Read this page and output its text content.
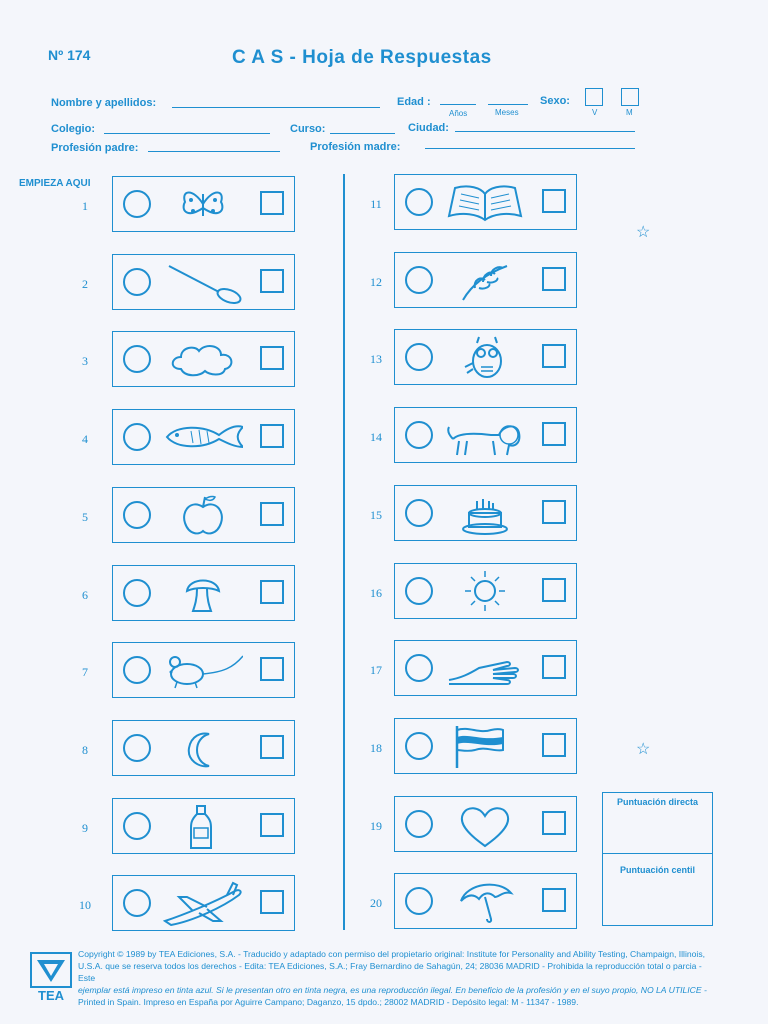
Nº 174	C A S - Hoja de Respuestas
Nombre y apellidos:	Edad :
Años	Meses
Sexo:
V	M
Colegio:	Curso:	Ciudad:
Profesión padre:	Profesión madre:
EMPIEZA AQUI
1
2
3
4
5
6
7
8
9
10
11
12
13
14
15
16
17
18
19
20
☆
☆
Puntuación directa
Puntuación centil
TEA
Copyright © 1989 by TEA Ediciones, S.A. - Traducido y adaptado con permiso del propietario original: Institute for Personality and Ability Testing, Champaign, Illinois,
U.S.A. que se reserva todos los derechos - Edita: TEA Ediciones, S.A.; Fray Bernardino de Sahagún, 24; 28036 MADRID - Prohibida la reproducción total o parcia - Este
ejemplar está impreso en tinta azul. Si le presentan otro en tinta negra, es una reproducción ilegal. En beneficio de la profesión y en el suyo propio, NO LA UTILICE -
Printed in Spain. Impreso en España por Aguirre Campano; Daganzo, 15 dpdo.; 28002 MADRID - Depósito legal: M - 11347 - 1989.
